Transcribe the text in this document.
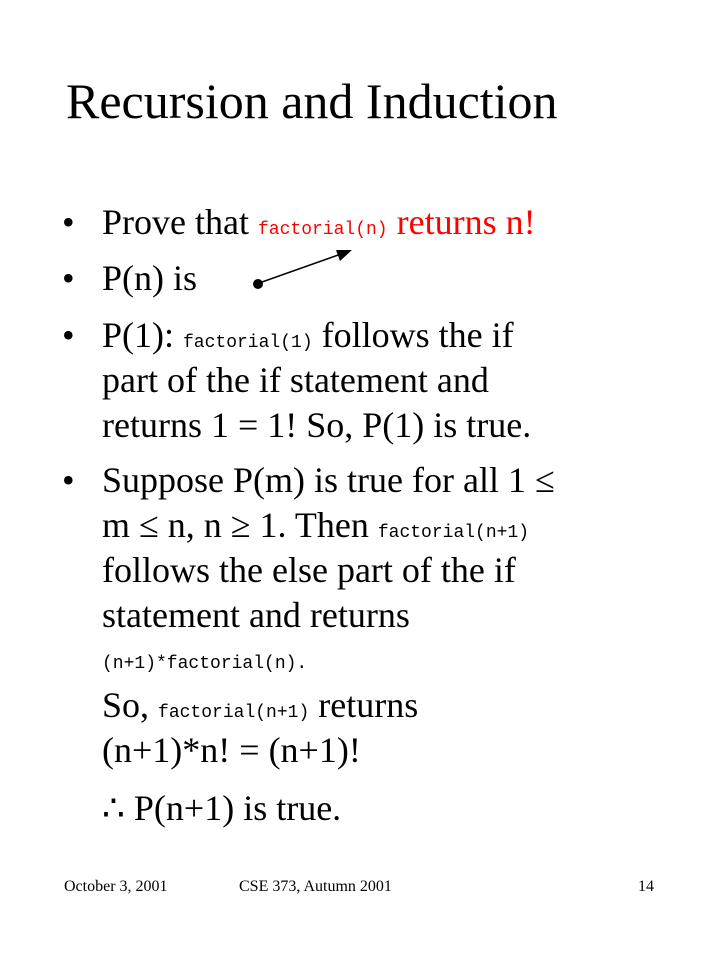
Recursion and Induction
• Prove that factorial(n) returns n!
• P(n) is
• P(1): factorial(1) follows the if
part of the if statement and
returns 1 = 1! So, P(1) is true.
• Suppose P(m) is true for all 1 ≤
m ≤ n, n ≥ 1. Then factorial(n+1)
follows the else part of the if
statement and returns
(n+1)*factorial(n).
So, factorial(n+1) returns
(n+1)*n! = (n+1)!
∴ P(n+1) is true.
October 3, 2001	CSE 373, Autumn 2001	14
